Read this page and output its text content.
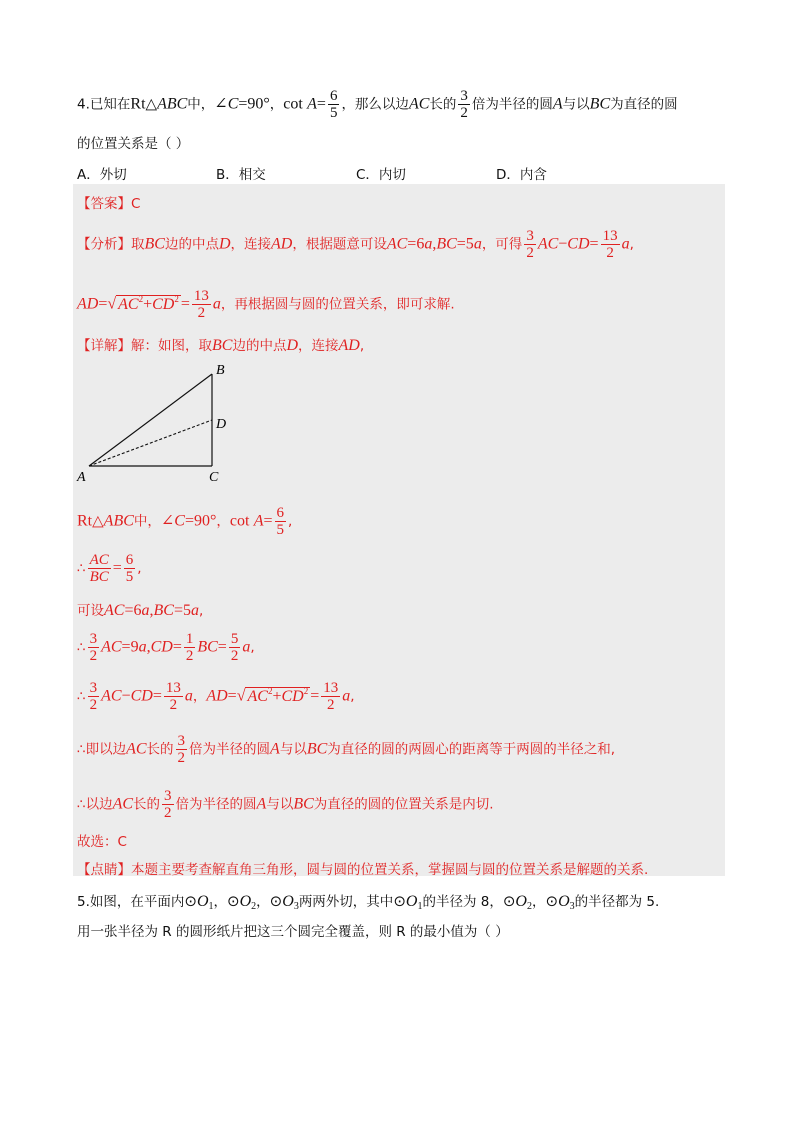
4.已知在Rt△ABC中，∠C=90°，$\cot A= \frac{6}{5}$ ，那么以边AC长的 $\frac{3}{2}$ 倍为半径的圆A与以BC为直径的圆
的位置关系是（ ）
A．外切	B．相交	C．内切	D．内含
【答案】C
【分析】取BC边的中点D，连接AD，根据题意可设AC=6a,BC=5a，可得 $\frac{3}{2} AC-CD= \frac{13}{2} a$,
AD=√ $AC^2+CD^2 = \frac{13}{2}$ a，再根据圆与圆的位置关系，即可求解.
【详解】解：如图，取BC边的中点D，连接AD,
B
D
A	C
Rt△ABC中，∠C=90°，$\cot A= \frac{6}{5}$ ,
∴ $\frac{AC}{BC} = \frac{6}{5}$ ,
可设AC=6a,BC=5a,
∴ $\frac{3}{2} AC=9a,CD= \frac{1}{2} BC= \frac{5}{2} a$,
∴ $\frac{3}{2} AC-CD= \frac{13}{2}$ a，AD=√ $AC^2+CD^2 = \frac{13}{2} a$,
∴即以边AC长的 $\frac{3}{2}$ 倍为半径的圆A与以BC为直径的圆的两圆心的距离等于两圆的半径之和,
∴以边AC长的 $\frac{3}{2}$ 倍为半径的圆A与以BC为直径的圆的位置关系是内切.
故选：C
【点睛】本题主要考查解直角三角形，圆与圆的位置关系，掌握圆与圆的位置关系是解题的关系.
5.如图，在平面内$⊙O_1$，$⊙O_2$，$⊙O_3$两两外切，其中$⊙O_1$的半径为 8，$⊙O_2$，$⊙O_3$的半径都为 5.
用一张半径为 R 的圆形纸片把这三个圆完全覆盖，则 R 的最小值为（ ）
